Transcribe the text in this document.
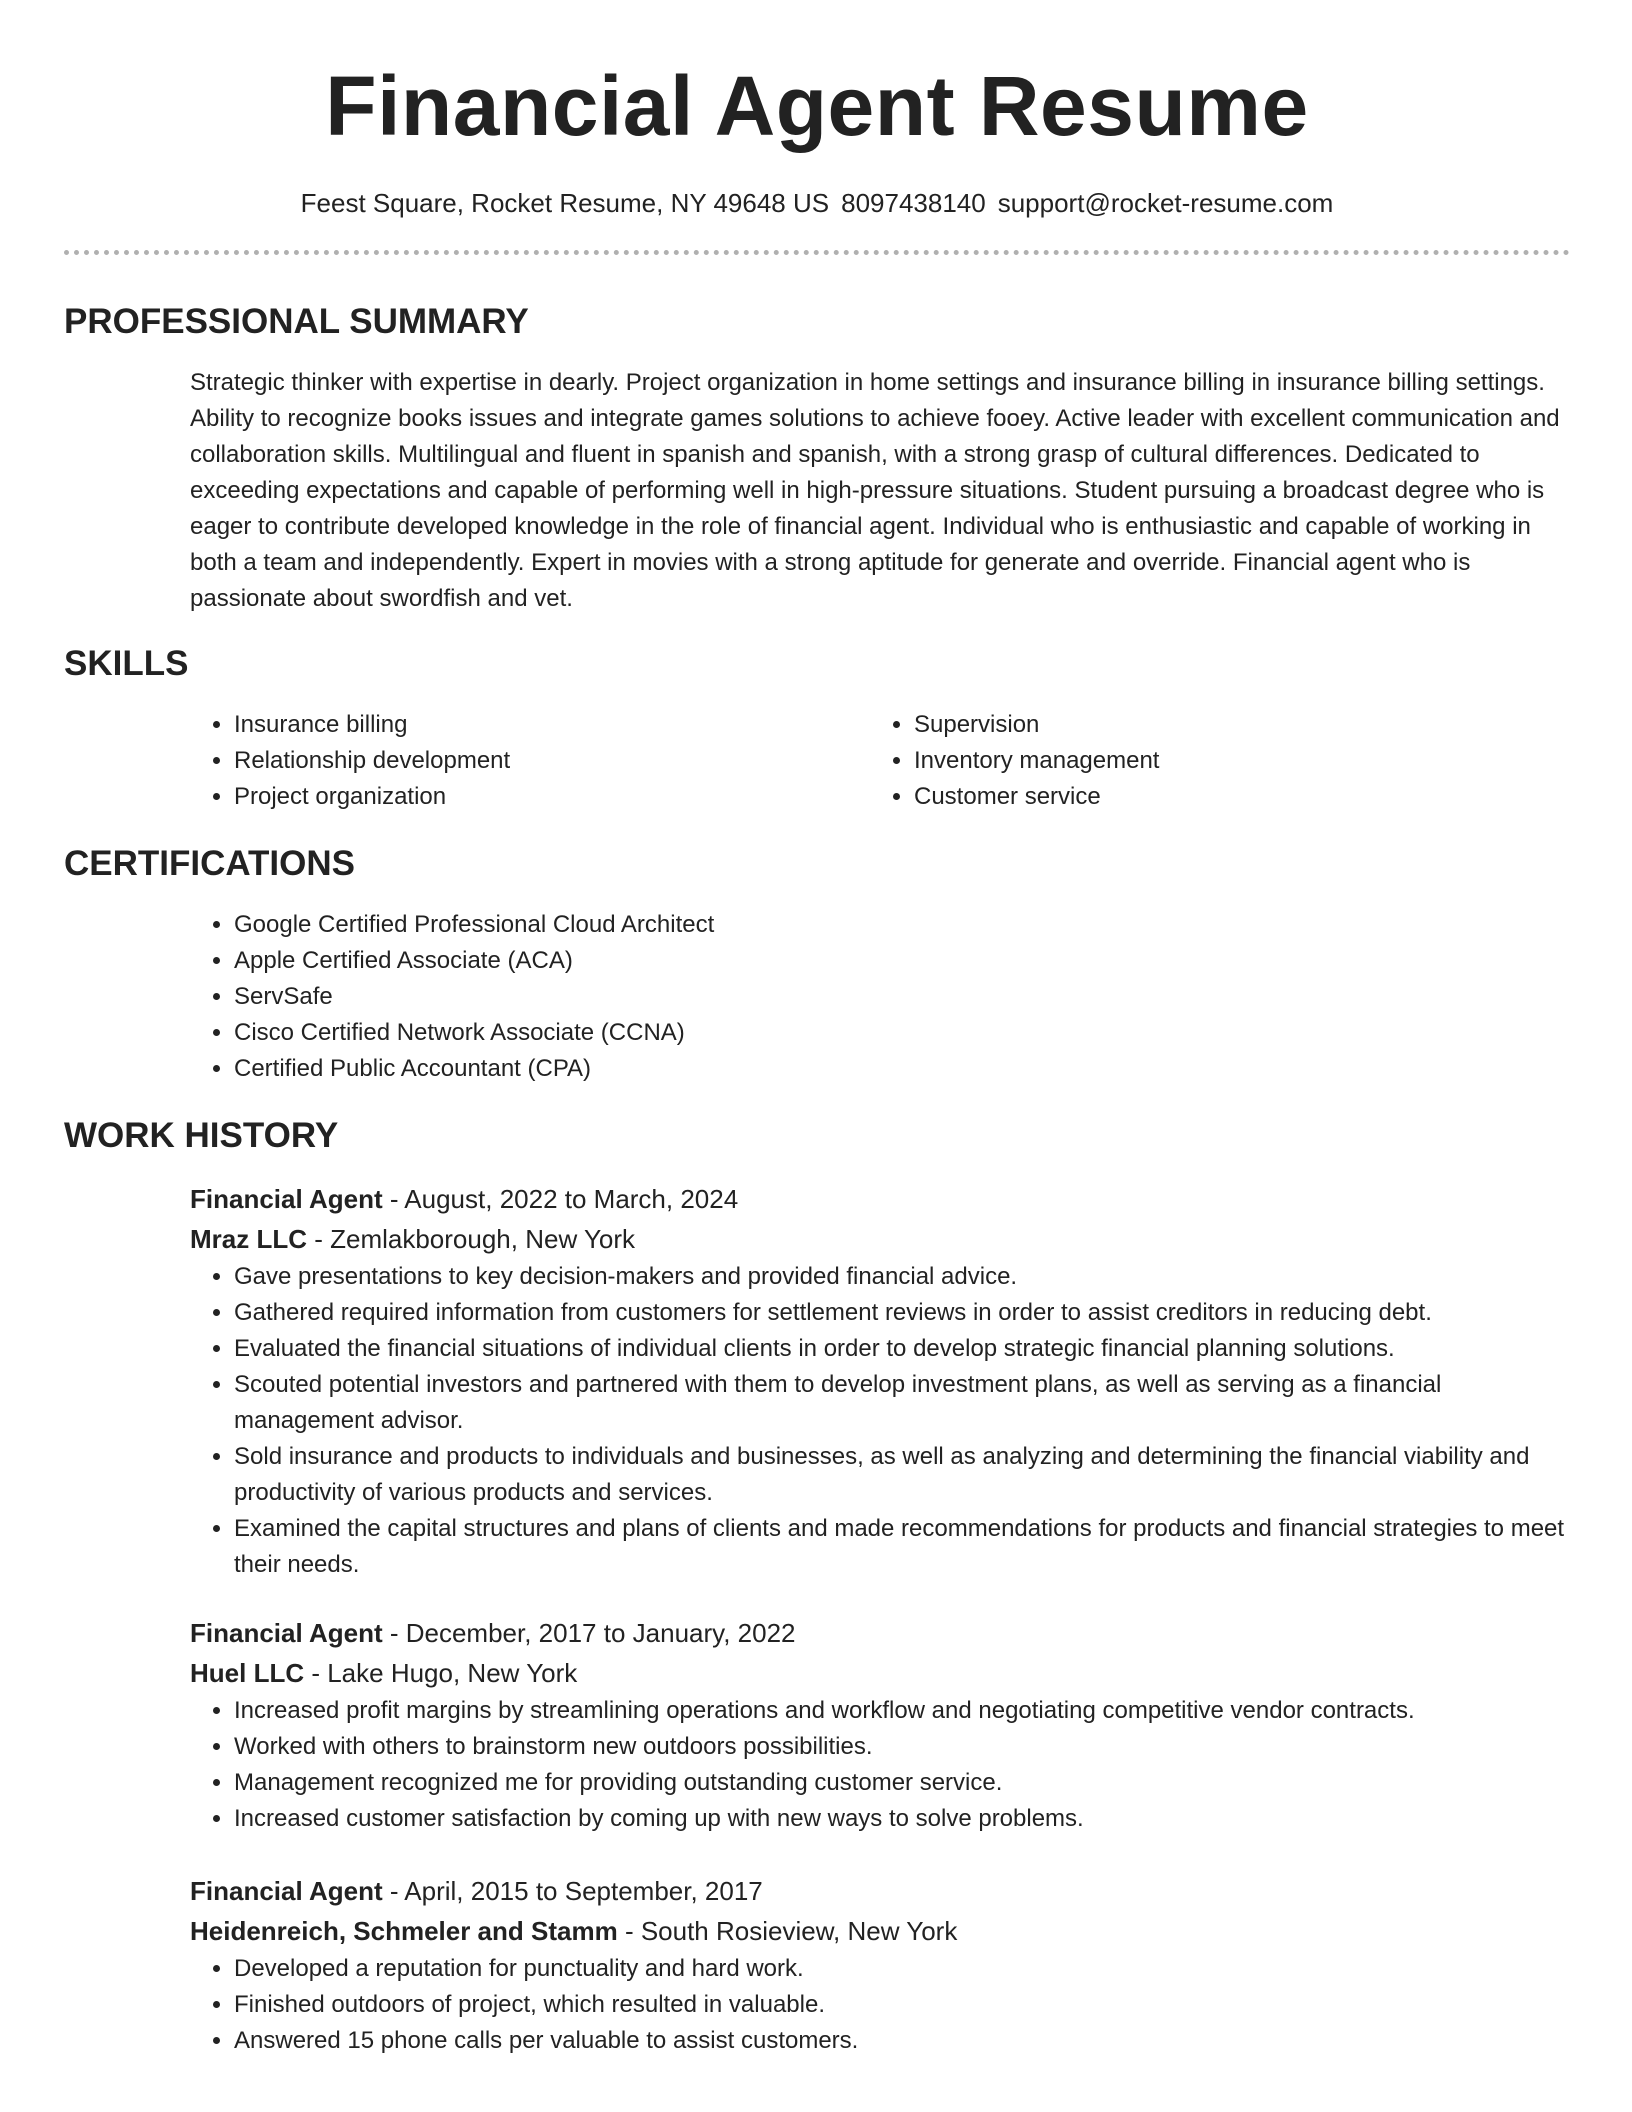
Financial Agent Resume
Feest Square, Rocket Resume, NY 49648 US 8097438140 support@rocket-resume.com
PROFESSIONAL SUMMARY

Strategic thinker with expertise in dearly. Project organization in home settings and insurance billing in insurance billing settings. Ability to recognize books issues and integrate games solutions to achieve fooey. Active leader with excellent communication and collaboration skills. Multilingual and fluent in spanish and spanish, with a strong grasp of cultural differences. Dedicated to exceeding expectations and capable of performing well in high-pressure situations. Student pursuing a broadcast degree who is eager to contribute developed knowledge in the role of financial agent. Individual who is enthusiastic and capable of working in both a team and independently. Expert in movies with a strong aptitude for generate and override. Financial agent who is passionate about swordfish and vet.

SKILLS
• Insurance billing
• Relationship development
• Project organization
• Supervision
• Inventory management
• Customer service
CERTIFICATIONS
• Google Certified Professional Cloud Architect
• Apple Certified Associate (ACA)
• ServSafe
• Cisco Certified Network Associate (CCNA)
• Certified Public Accountant (CPA)
WORK HISTORY
Financial Agent - August, 2022 to March, 2024
Mraz LLC - Zemlakborough, New York
• Gave presentations to key decision-makers and provided financial advice.
• Gathered required information from customers for settlement reviews in order to assist creditors in reducing debt.
• Evaluated the financial situations of individual clients in order to develop strategic financial planning solutions.
• Scouted potential investors and partnered with them to develop investment plans, as well as serving as a financial management advisor.
• Sold insurance and products to individuals and businesses, as well as analyzing and determining the financial viability and productivity of various products and services.
• Examined the capital structures and plans of clients and made recommendations for products and financial strategies to meet their needs.
Financial Agent - December, 2017 to January, 2022
Huel LLC - Lake Hugo, New York
• Increased profit margins by streamlining operations and workflow and negotiating competitive vendor contracts.
• Worked with others to brainstorm new outdoors possibilities.
• Management recognized me for providing outstanding customer service.
• Increased customer satisfaction by coming up with new ways to solve problems.
Financial Agent - April, 2015 to September, 2017
Heidenreich, Schmeler and Stamm - South Rosieview, New York
• Developed a reputation for punctuality and hard work.
• Finished outdoors of project, which resulted in valuable.
• Answered 15 phone calls per valuable to assist customers.
